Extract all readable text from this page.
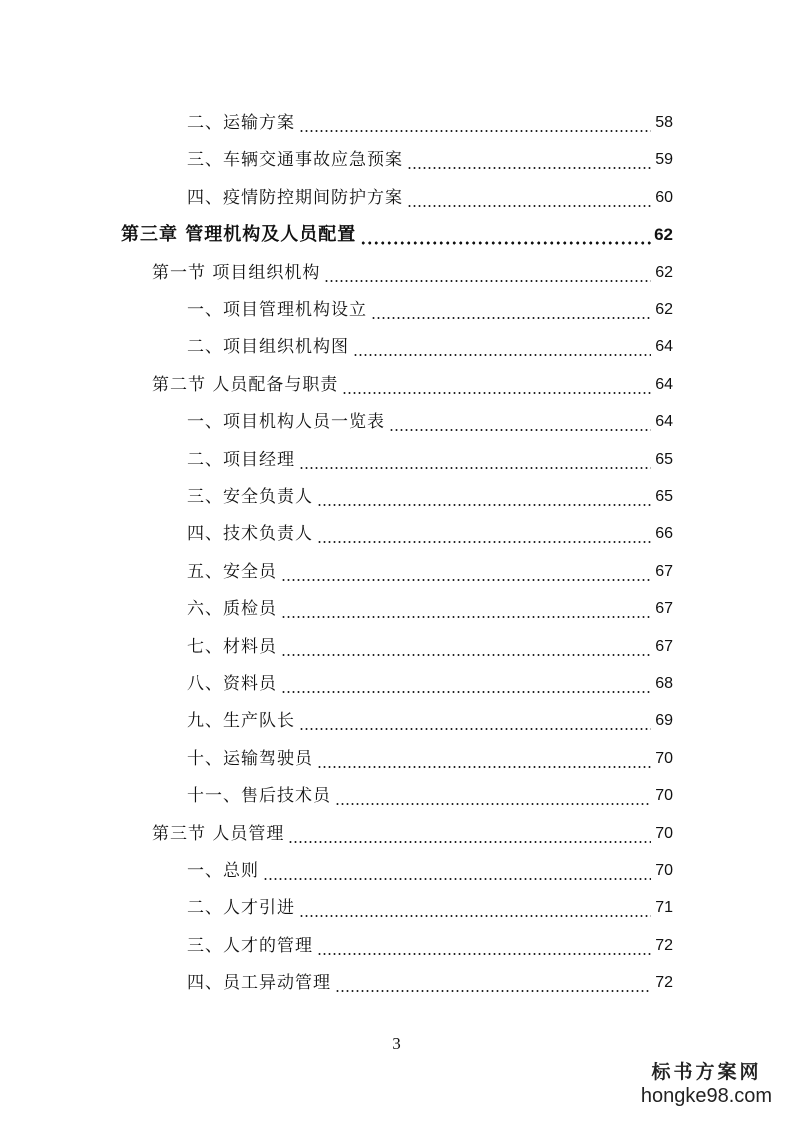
二、运输方案	58
三、车辆交通事故应急预案	59
四、疫情防控期间防护方案	60
第三章 管理机构及人员配置	62
第一节 项目组织机构	62
一、项目管理机构设立	62
二、项目组织机构图	64
第二节 人员配备与职责	64
一、项目机构人员一览表	64
二、项目经理	65
三、安全负责人	65
四、技术负责人	66
五、安全员	67
六、质检员	67
七、材料员	67
八、资料员	68
九、生产队长	69
十、运输驾驶员	70
十一、售后技术员	70
第三节 人员管理	70
一、总则	70
二、人才引进	71
三、人才的管理	72
四、员工异动管理	72
3
标书方案网
hongke98.com
